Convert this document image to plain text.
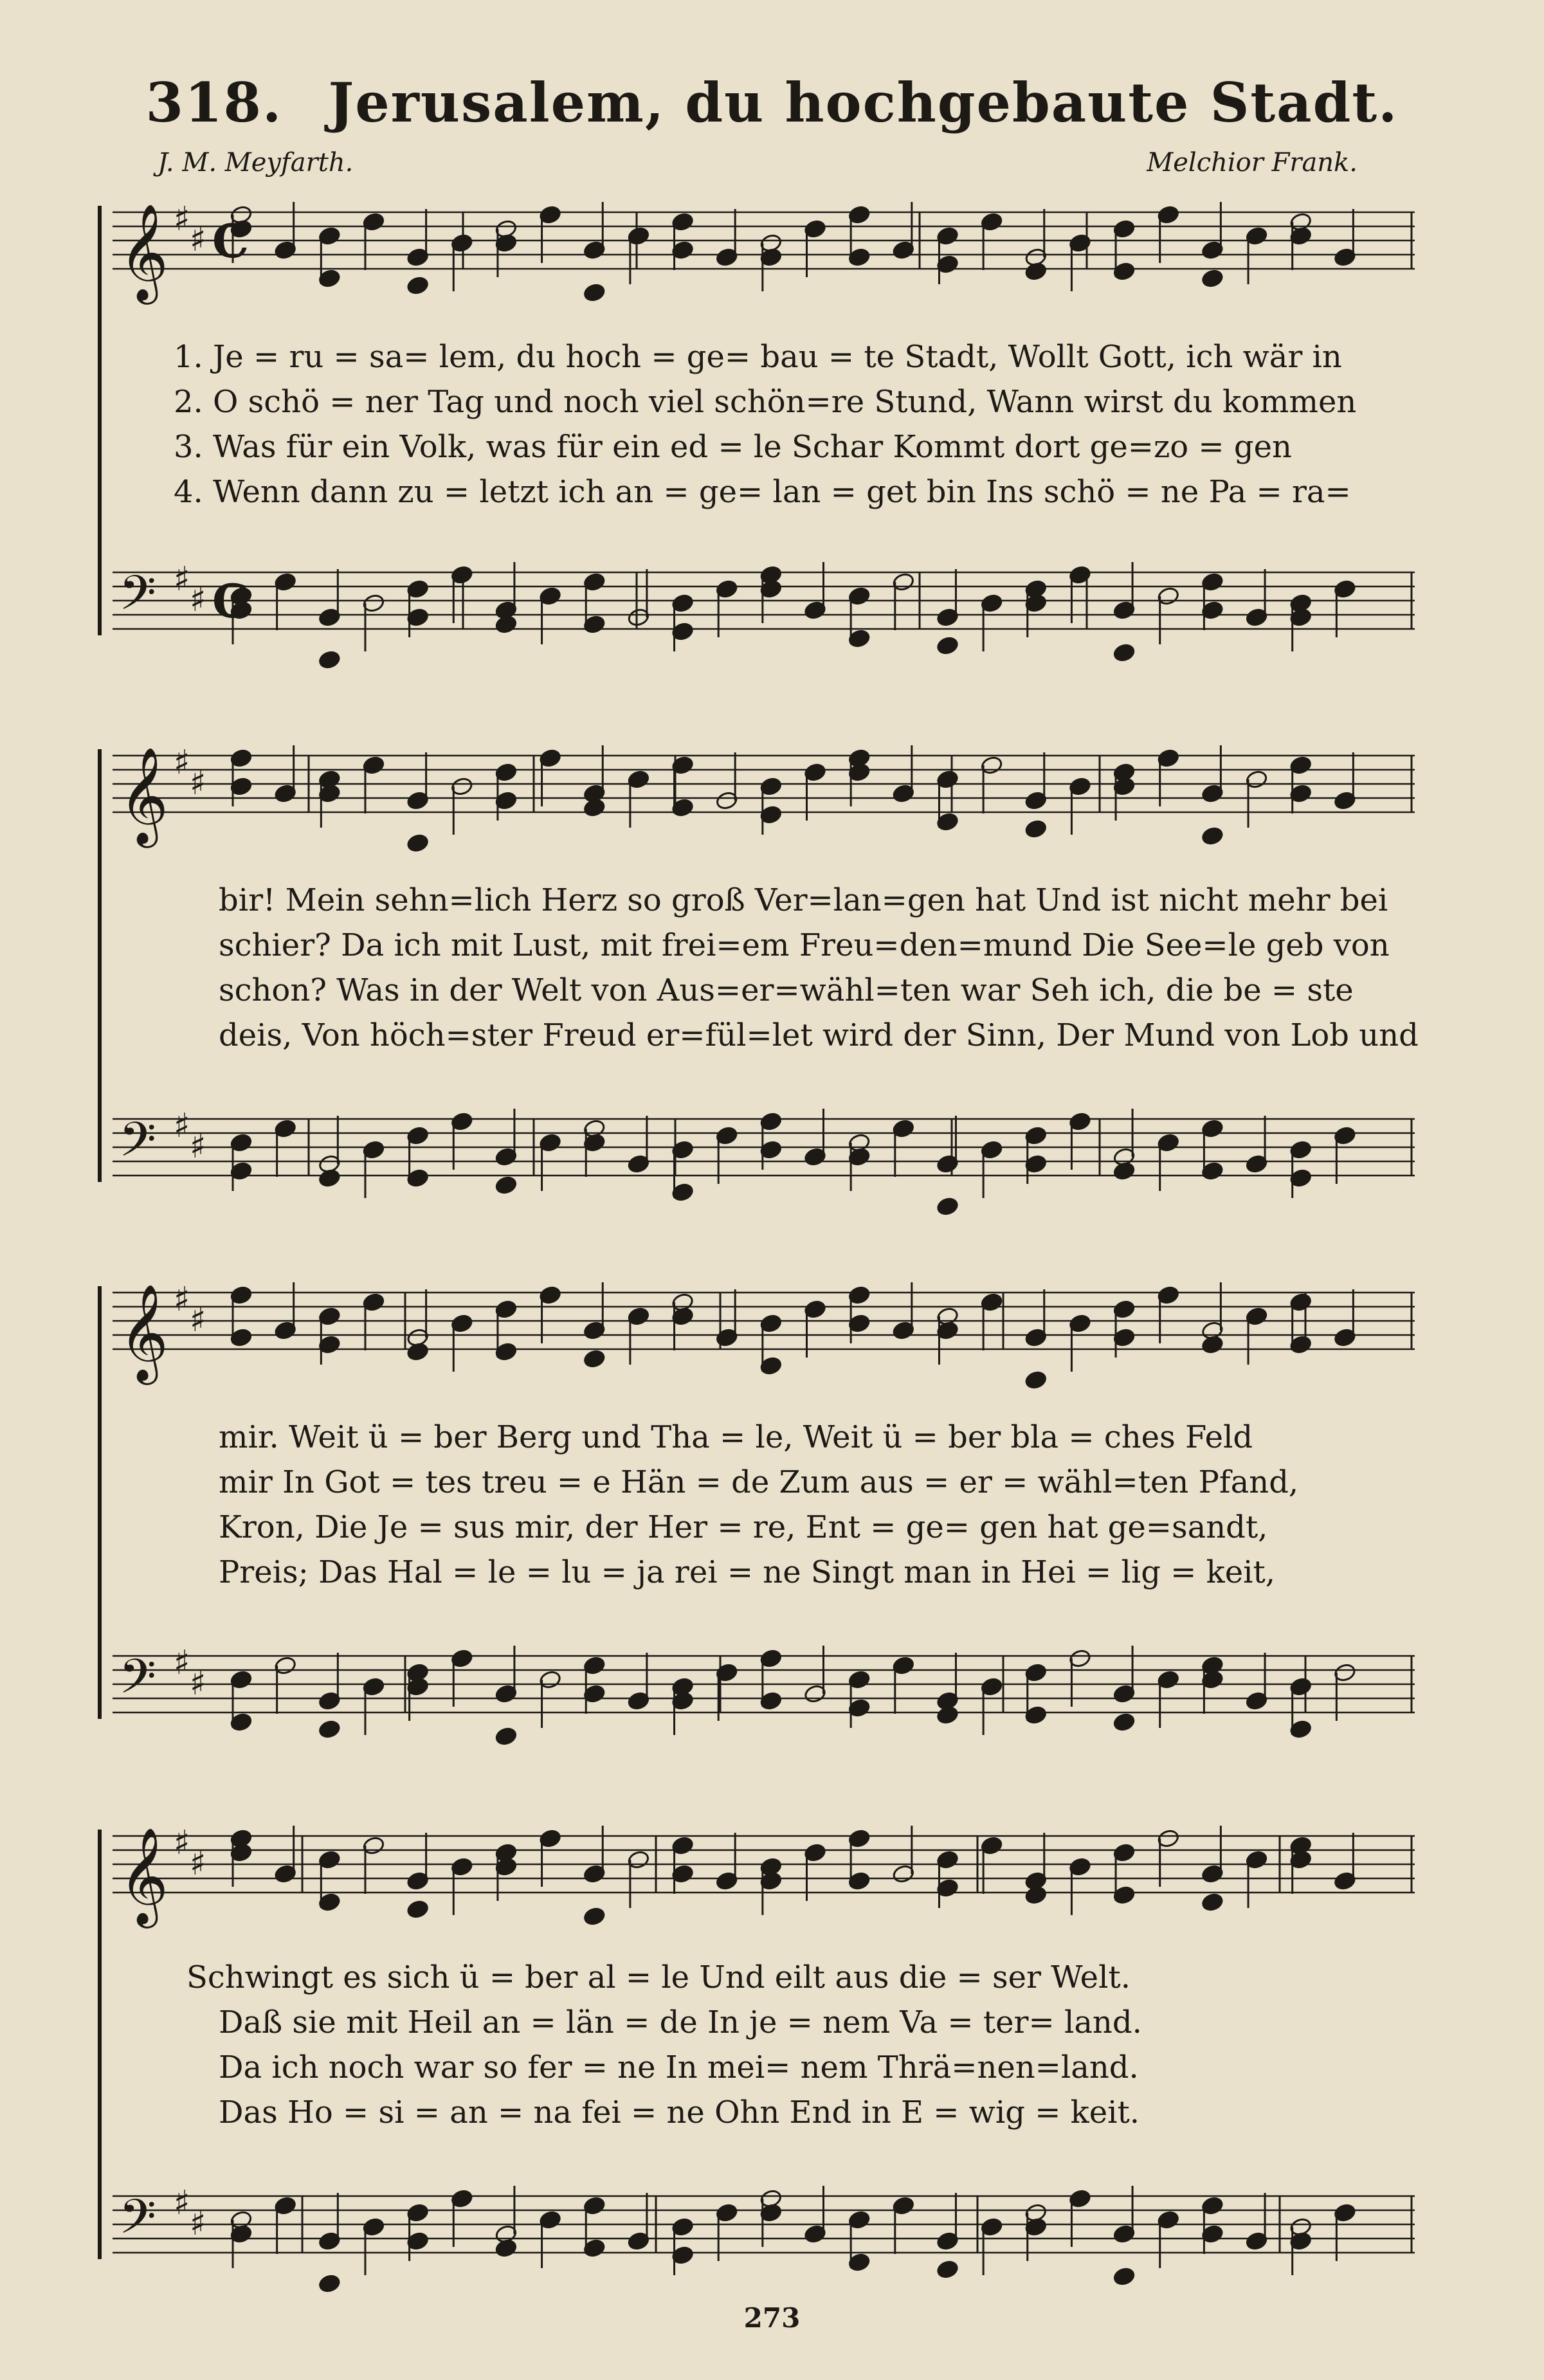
318. Jerusalem, du hochgebaute Stadt.
J. M. Meyfarth.	Melchior Frank.
𝄞 ♯
♯
𝄢 ♯
♯
𝄞 ♯
♯
𝄢 ♯
♯
𝄞 ♯
♯
𝄢 ♯
♯
𝄞 ♯
♯
𝄢 ♯
♯
C
C
1. Je = ru = sa= lem, du hoch = ge= bau = te Stadt, Wollt Gott, ich wär in
2. O schö = ner Tag und noch viel schön=re Stund, Wann wirst du kommen
3. Was für ein Volk, was für ein ed = le Schar Kommt dort ge=zo = gen
4. Wenn dann zu = letzt ich an = ge= lan = get bin Ins schö = ne Pa = ra=
bir! Mein sehn=lich Herz so groß Ver=lan=gen hat Und ist nicht mehr bei
schier? Da ich mit Lust, mit frei=em Freu=den=mund Die See=le geb von
schon? Was in der Welt von Aus=er=wähl=ten war Seh ich, die be = ste
deis, Von höch=ster Freud er=fül=let wird der Sinn, Der Mund von Lob und
mir. Weit ü = ber Berg und Tha = le, Weit ü = ber bla = ches Feld
mir In Got = tes treu = e Hän = de Zum aus = er = wähl=ten Pfand,
Kron, Die Je = sus mir, der Her = re, Ent = ge= gen hat ge=sandt,
Preis; Das Hal = le = lu = ja rei = ne Singt man in Hei = lig = keit,
Schwingt es sich ü = ber al = le Und eilt aus die = ser Welt.
Daß sie mit Heil an = län = de In je = nem Va = ter= land.
Da ich noch war so fer = ne In mei= nem Thrä=nen=land.
Das Ho = si = an = na fei = ne Ohn End in E = wig = keit.
273
